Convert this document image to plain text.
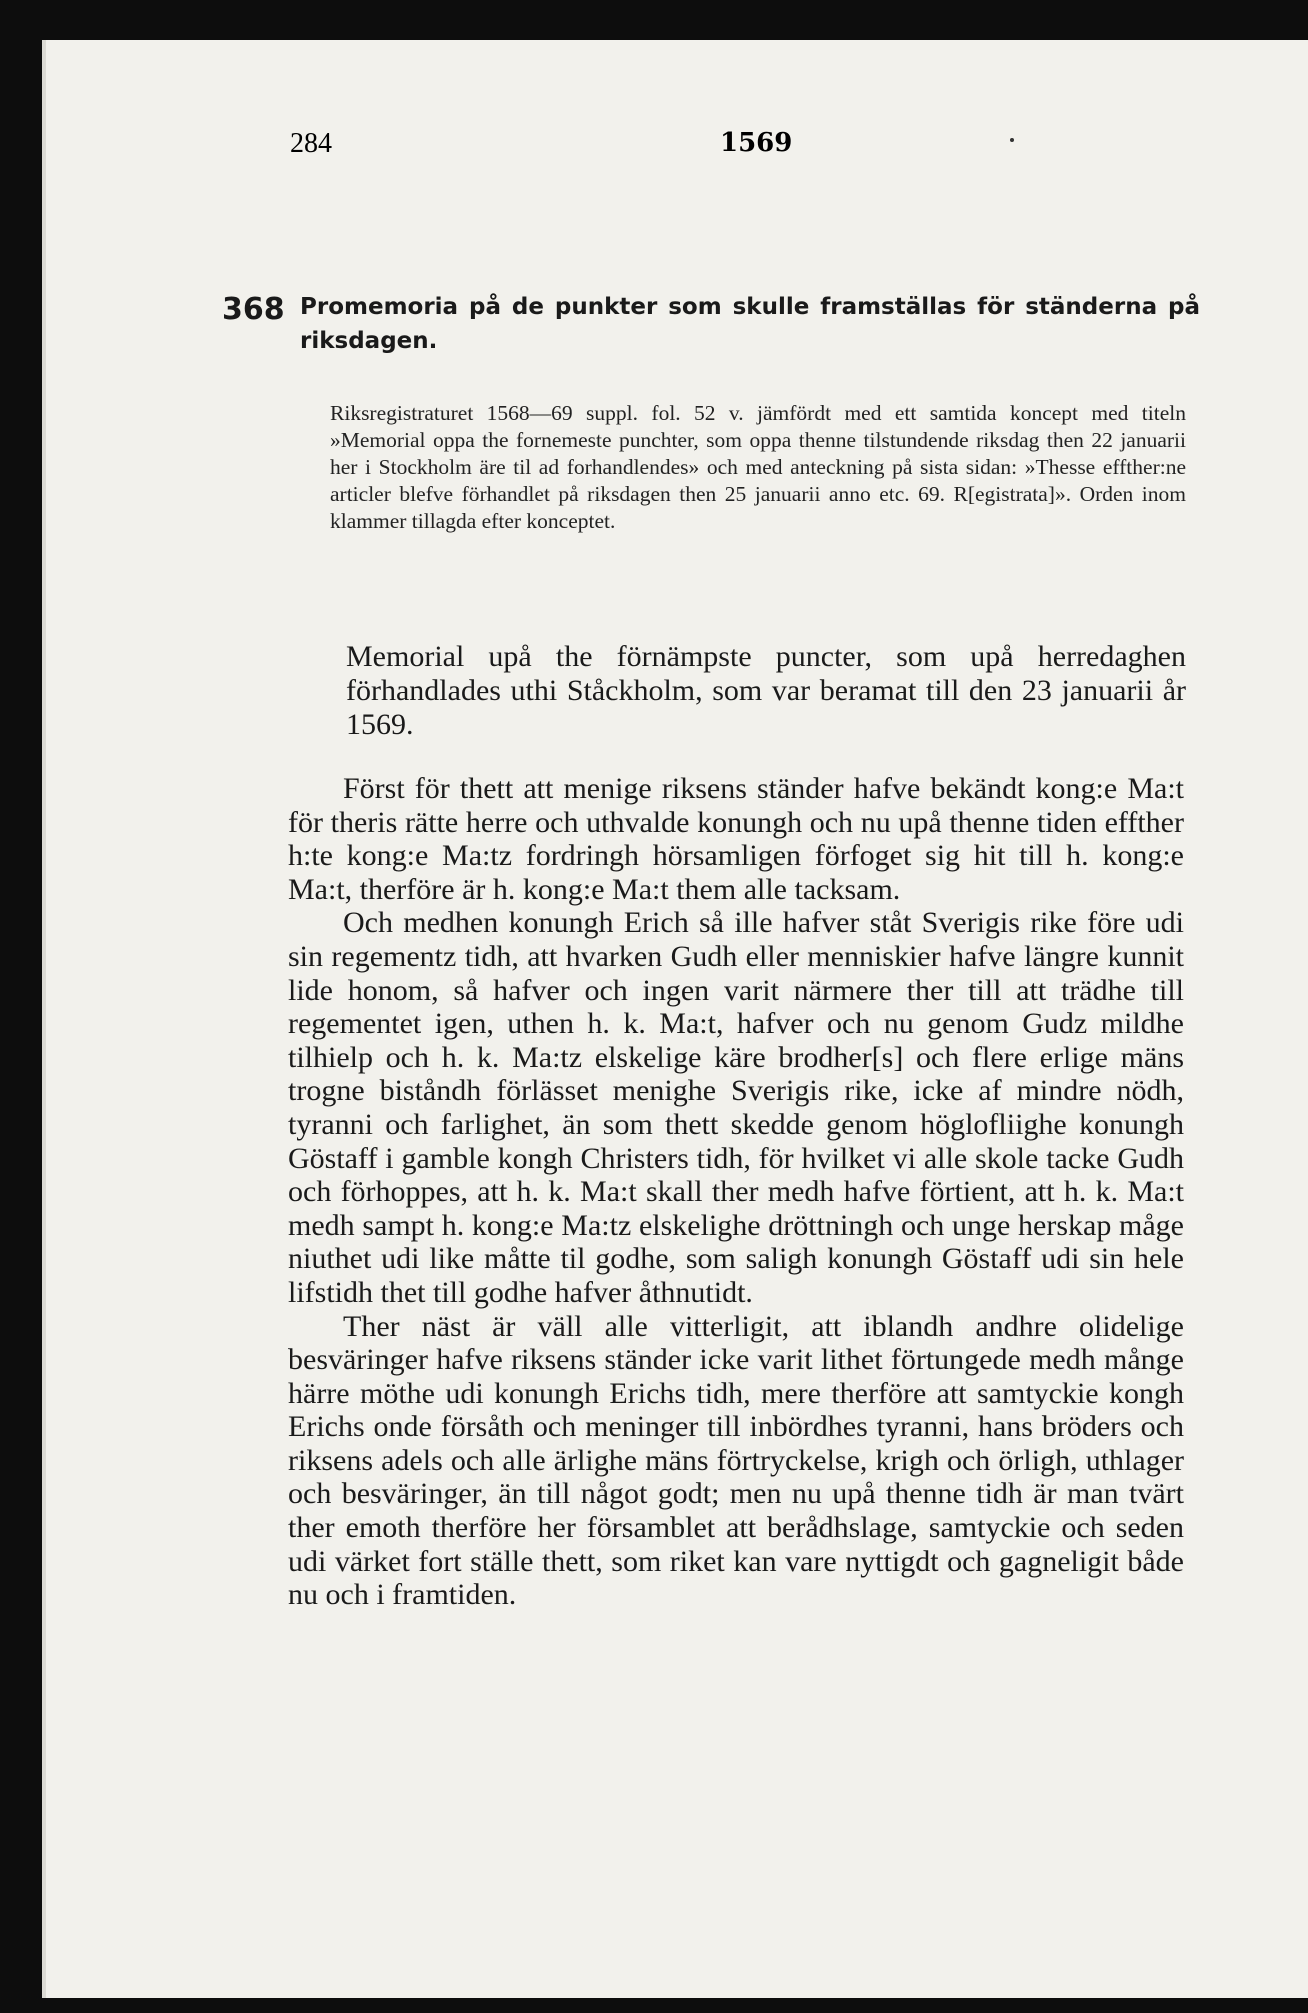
284	1569
368 Promemoria på de punkter som skulle framställas för ständerna på riksdagen.

Riksregistraturet 1568—69 suppl. fol. 52 v. jämfördt med ett samtida koncept med titeln »Memorial oppa the fornemeste punchter, som oppa thenne tilstundende riksdag then 22 januarii her i Stockholm äre til ad forhandlendes» och med anteckning på sista sidan: »Thesse effther:ne articler blefve förhandlet på riksdagen then 25 januarii anno etc. 69. R[egistrata]». Orden inom klammer tillagda efter konceptet.

Memorial upå the förnämpste puncter, som upå herredaghen förhandlades uthi Ståckholm, som var beramat till den 23 januarii år 1569.

Först för thett att menige riksens ständer hafve bekändt kong:e Ma:t för theris rätte herre och uthvalde konungh och nu upå thenne tiden effther h:te kong:e Ma:tz fordringh hörsamligen förfoget sig hit till h. kong:e Ma:t, therföre är h. kong:e Ma:t them alle tacksam.

Och medhen konungh Erich så ille hafver ståt Sverigis rike före udi sin regementz tidh, att hvarken Gudh eller menniskier hafve längre kunnit lide honom, så hafver och ingen varit närmere ther till att trädhe till regementet igen, uthen h. k. Ma:t, hafver och nu genom Gudz mildhe tilhielp och h. k. Ma:tz elskelige käre brodher[s] och flere erlige mäns trogne biståndh förlässet menighe Sverigis rike, icke af mindre nödh, tyranni och farlighet, än som thett skedde genom höglofliighe konungh Göstaff i gamble kongh Christers tidh, för hvilket vi alle skole tacke Gudh och förhoppes, att h. k. Ma:t skall ther medh hafve förtient, att h. k. Ma:t medh sampt h. kong:e Ma:tz elskelighe dröttningh och unge herskap måge niuthet udi like måtte til godhe, som saligh konungh Göstaff udi sin hele lifstidh thet till godhe hafver åthnutidt.

Ther näst är väll alle vitterligit, att iblandh andhre olidelige besväringer hafve riksens ständer icke varit lithet förtungede medh månge härre möthe udi konungh Erichs tidh, mere therföre att samtyckie kongh Erichs onde försåth och meninger till inbördhes tyranni, hans bröders och riksens adels och alle ärlighe mäns förtryckelse, krigh och örligh, uthlager och besväringer, än till något godt; men nu upå thenne tidh är man tvärt ther emoth therföre her församblet att berådhslage, samtyckie och seden udi värket fort ställe thett, som riket kan vare nyttigdt och gagneligit både nu och i framtiden.
